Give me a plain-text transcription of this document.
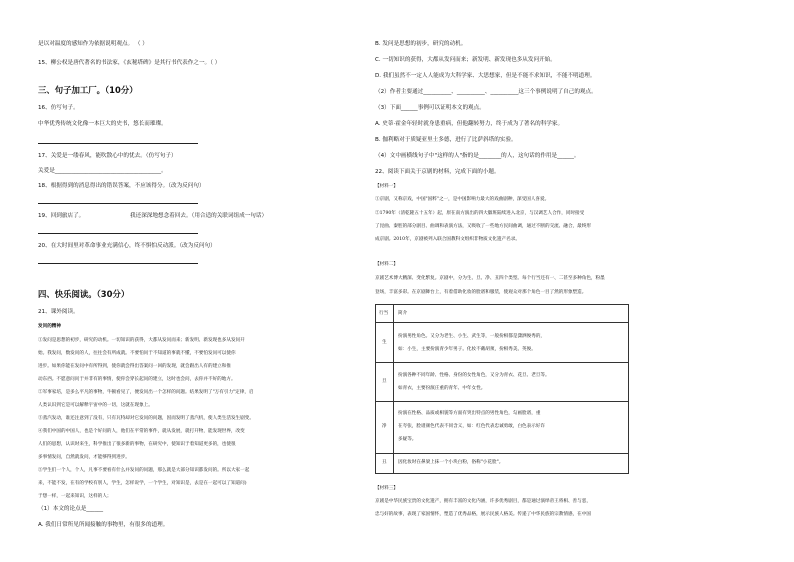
是以对温度的感知作为依据说明观点。 （ ）
15、柳公权是唐代著名的书法家，《玄秘塔碑》是其行书代表作之一。（ ）
三、句子加工厂。（10分）
16、仿写句子。
中华优秀传统文化像一本巨大的史书，悠长而璀璨。
17、关爱是一缕春风，能吹散心中的忧去。（仿写句子）
关爱是______________________________________。
18、根据得到的消息得出的错误答案，不应该得分。（改为反问句）
19、回到旅店了。	我还深深地想念着回去。（用合适的关联词组成一句话）
20、在大时间里对革命事业充满信心，终不惧怕反动派。（改为反问句）
四、快乐阅读。（30分）
21、课外阅读。
发问的精神
①发问是思想的初步，研究的动机。一切知识的获得，大都从发问而来；新发明、新发现也多从发问开
始。我发问，数发问的人，往往会有所成就。不要怕问于不知道的事就不懂，不要怕发问可以使你
进步。如果你能在发问中有所得到，使你就会得出答案问一回的发现，就会跟出人有的建立和推
动东西。不愿意问问于并非有的事情，使你会穿长起问的建立，这时也会问，去你并不好的地方。
②军事家培，是多么平凡的事物，牛顿看见了，便发问出一个怎样的问题。结果发明了"万有引力"定律，启
人类认识到它是可以解释宇宙中的一切，这就在现象上。
③蒸汽发动，谁还注意到了没有，只有瓦特却对它发问的问题，因而发明了蒸汽机，使人类生活发生剧变。
④我们中国的中国人，也是个好问的人，他们在平常的事件，就从发展，就打开物，能发现世界，改变
人们的思想，认识时来生，科学推出了很多新的事物，在研究中，使知识于着知道更多的，也使很
多事情发问，自然就发问，才能够得到进步。
⑤学生们一个人，个人，凡事不要看有什么并发问的问题，那么就是大部分知识都发问的。所以大家一起
来，不能不发，在有的学校有别人，学生，怎样说学，一个学生，对知识是，去是在一起可以了知道问)
于想一样，一起来知识，这样的人；
（1）本文的论点是______
A. 我们日常所见所闻接触的事物里，有很多的道理。
B. 发问是思想的初步，研究的动机。
C. 一切知识的获得，大都从发问而来；新发明、新发现也多从发问开始。
D. 我们虽然不一定人人能成为大科学家、大思想家，但是不能不求知识，不能不明道理。
（2）作者主要通过__________、__________、__________这三个事例说明了自己的观点。
（3）下面______事例可以证明本文的观点。
A. 史蒂·霍金年轻时就身患重病，但他翻转努力，终于成为了著名的科学家。
B. 伽利略对于质疑亚里士多德，进行了比萨斜塔的实验。
（4）文中画横线句子中"这样的人"指的是________的人，这句话的作用是______。
22、阅读下面关于京剧的材料，完成下面的小题。
【材料一】
①京剧，又称京戏，中国"国粹"之一，是中国影响力最大的戏曲剧种，深受国人喜爱。
②1790年（清乾隆五十五年）起，原在南方演出的四大徽班陆续进入北京，与汉调艺人合作，同时接受
了昆曲、秦腔的部分剧目、曲调和表演方法，又吸收了一些地方民间曲调，通过不断的交流、融合，最终形
成京剧。2010年，京剧被列入联合国教科文组织非物质文化遗产名录。
【材料二】
京剧艺术博大精深、变化繁复。京剧中，分为生、旦、净、丑四个类型。每个行当还有一、二甚至多种角色，粉墨
登场，丰富多彩。在京剧舞台上，有着借助化妆的脸谱和服装，使观众对那个角色一目了然的形象塑造。
【材料三】
京剧是中华民族宝贵的文化遗产，拥有丰富的文化内涵，许多优秀剧目，都是通过演绎帝王将相、善与恶，
忠与奸的故事，表现了家国情怀，塑造了优秀品格，展示民族人格美。传递了中华民族的宗教情感，在中国
行当 简介
生
扮演男性角色。又分为老生、小生、武生等，一般扮相都是潇洒俊秀的，
如：小生，主要扮演青少年男子。化妆不戴胡须，扮相秀美、英俊。
旦
扮演各种不同年龄、性格、身份的女性角色，又分为青衣、花旦、老旦等。
如青衣，主要扮演庄重的青年、中年女性。
净
扮演在性格、品质或相貌等方面有突出特点的男性角色，勾画脸谱，重
在夸张，脸谱颜色代表不同含义，如：红色代表忠诚勇敢，白色表示好诈
多疑等。
丑 因化妆时在鼻梁上抹一个小块白粉，俗称"小花脸"。
